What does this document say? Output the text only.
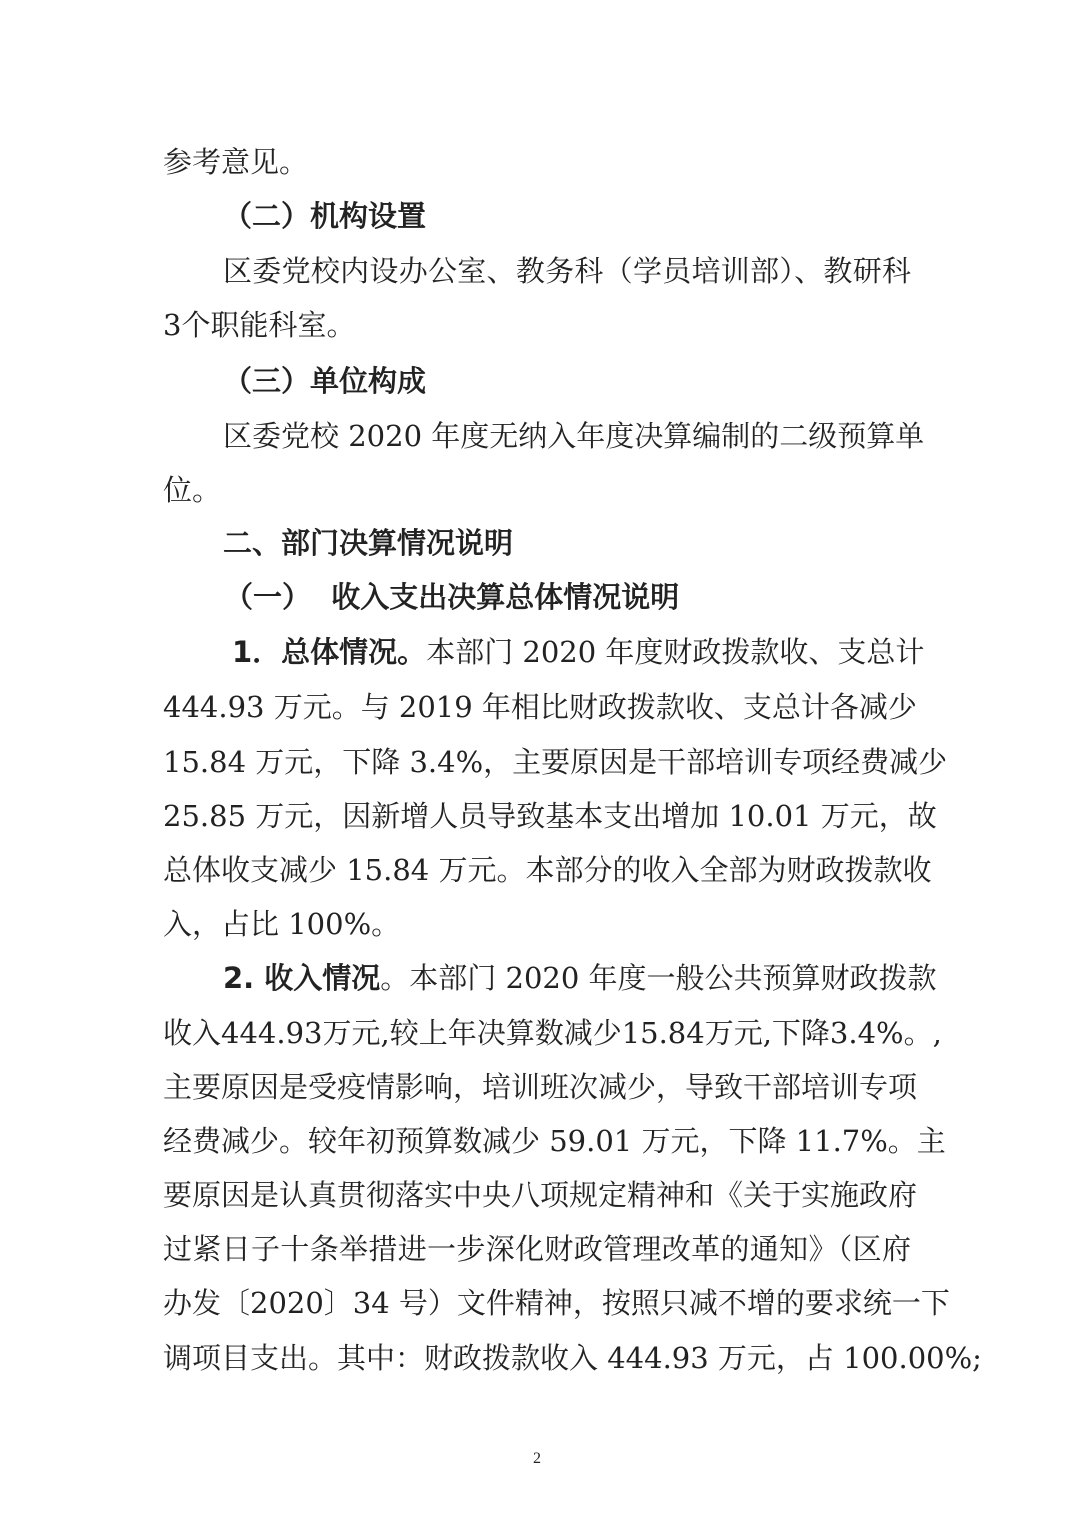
参考意见。

（二）机构设置

区委党校内设办公室、教务科（学员培训部）、教研科

3个职能科室。

（三）单位构成

区委党校 2020 年度无纳入年度决算编制的二级预算单

位。

二、部门决算情况说明

（一）  收入支出决算总体情况说明

1．总体情况。本部门 2020 年度财政拨款收、支总计

444.93 万元。与 2019 年相比财政拨款收、支总计各减少

15.84 万元，下降 3.4%，主要原因是干部培训专项经费减少

25.85 万元，因新增人员导致基本支出增加 10.01 万元，故

总体收支减少 15.84 万元。本部分的收入全部为财政拨款收

入，占比 100%。

2. 收入情况。本部门 2020 年度一般公共预算财政拨款

收入444.93万元,较上年决算数减少15.84万元,下降3.4%。,

主要原因是受疫情影响，培训班次减少，导致干部培训专项

经费减少。较年初预算数减少 59.01 万元，下降 11.7%。主

要原因是认真贯彻落实中央八项规定精神和《关于实施政府

过紧日子十条举措进一步深化财政管理改革的通知》（区府

办发〔2020〕34 号）文件精神，按照只减不增的要求统一下

调项目支出。其中：财政拨款收入 444.93 万元，占 100.00%;

2
